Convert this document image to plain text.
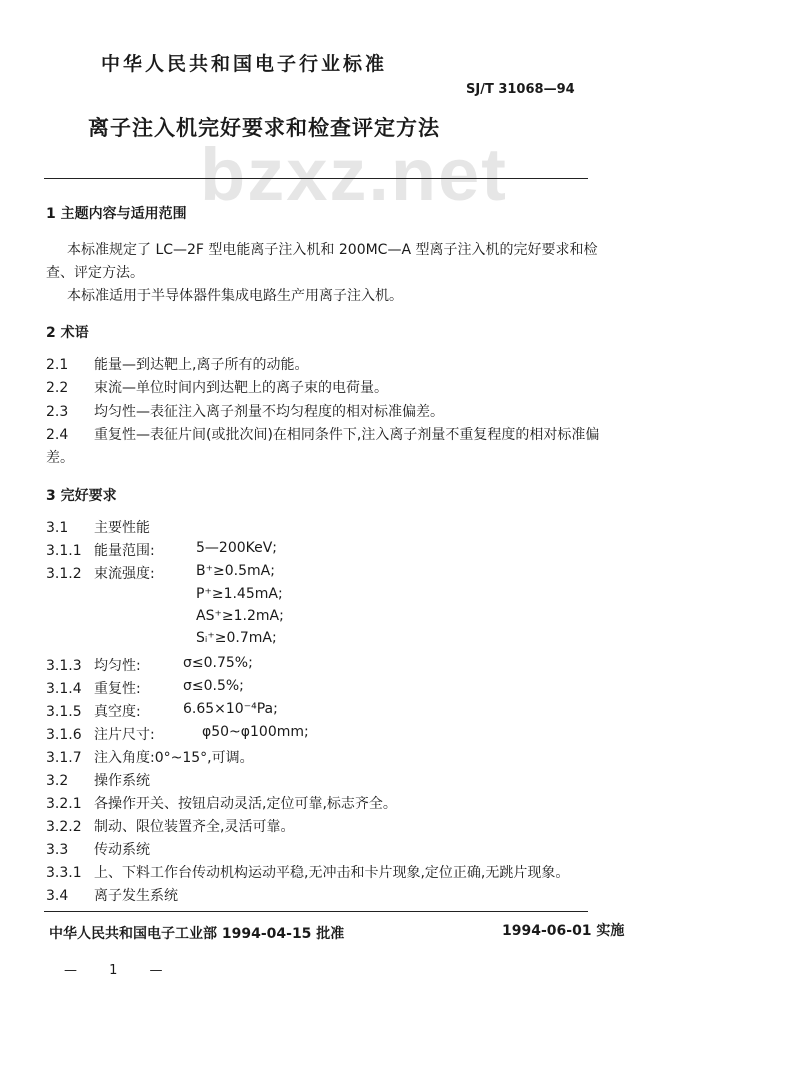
中华人民共和国电子行业标准
SJ/T 31068—94
离子注入机完好要求和检查评定方法
bzxz.net
1 主题内容与适用范围
本标准规定了 LC—2F 型电能离子注入机和 200MC—A 型离子注入机的完好要求和检
查、评定方法。
本标准适用于半导体器件集成电路生产用离子注入机。
2 术语
2.1 能量—到达靶上,离子所有的动能。
2.2 束流—单位时间内到达靶上的离子束的电荷量。
2.3 均匀性—表征注入离子剂量不均匀程度的相对标准偏差。
2.4 重复性—表征片间(或批次间)在相同条件下,注入离子剂量不重复程度的相对标准偏
差。
3 完好要求
3.1 主要性能
3.1.1 能量范围:	5—200KeV;
3.1.2 束流强度:	B⁺≥0.5mA;
P⁺≥1.45mA;
AS⁺≥1.2mA;
Sᵢ⁺≥0.7mA;
3.1.3 均匀性:	σ≤0.75%;
3.1.4 重复性:	σ≤0.5%;
3.1.5 真空度:	6.65×10⁻⁴Pa;
3.1.6 注片尺寸:	φ50~φ100mm;
3.1.7 注入角度:0°~15°,可调。
3.2 操作系统
3.2.1 各操作开关、按钮启动灵活,定位可靠,标志齐全。
3.2.2 制动、限位装置齐全,灵活可靠。
3.3 传动系统
3.3.1 上、下料工作台传动机构运动平稳,无冲击和卡片现象,定位正确,无跳片现象。
3.4 离子发生系统
中华人民共和国电子工业部 1994-04-15 批准	1994-06-01 实施
— 1 —
